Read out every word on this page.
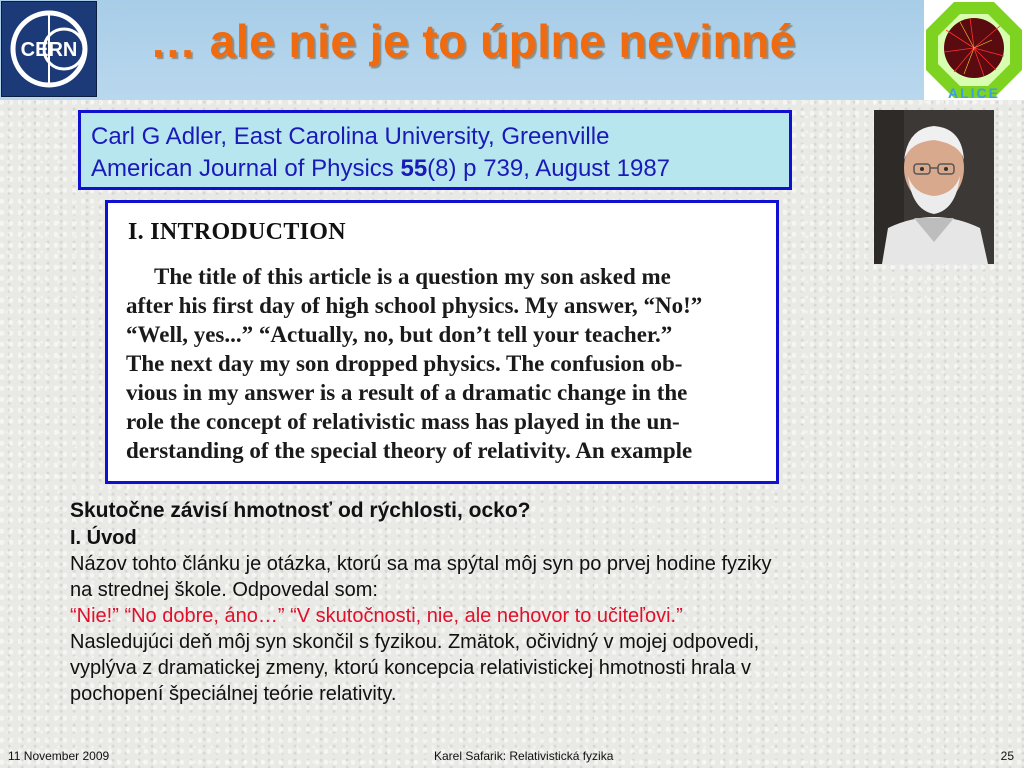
CERN … ale nie je to úplne nevinné
ALICE
Carl G Adler, East Carolina University, Greenville
American Journal of Physics 55(8) p 739, August 1987
I. INTRODUCTION
The title of this article is a question my son asked me
after his first day of high school physics. My answer, “No!”
“Well, yes...” “Actually, no, but don’t tell your teacher.”
The next day my son dropped physics. The confusion ob-
vious in my answer is a result of a dramatic change in the
role the concept of relativistic mass has played in the un-
derstanding of the special theory of relativity. An example
Skutočne závisí hmotnosť od rýchlosti, ocko?
I. Úvod
Názov tohto článku je otázka, ktorú sa ma spýtal môj syn po prvej hodine fyziky
na strednej škole. Odpovedal som:
“Nie!” “No dobre, áno…” “V skutočnosti, nie, ale nehovor to učiteľovi.”
Nasledujúci deň môj syn skončil s fyzikou. Zmätok, očividný v mojej odpovedi,
vyplýva z dramatickej zmeny, ktorú koncepcia relativistickej hmotnosti hrala v
pochopení špeciálnej teórie relativity.
11 November 2009	Karel Safarik: Relativistická fyzika	25
